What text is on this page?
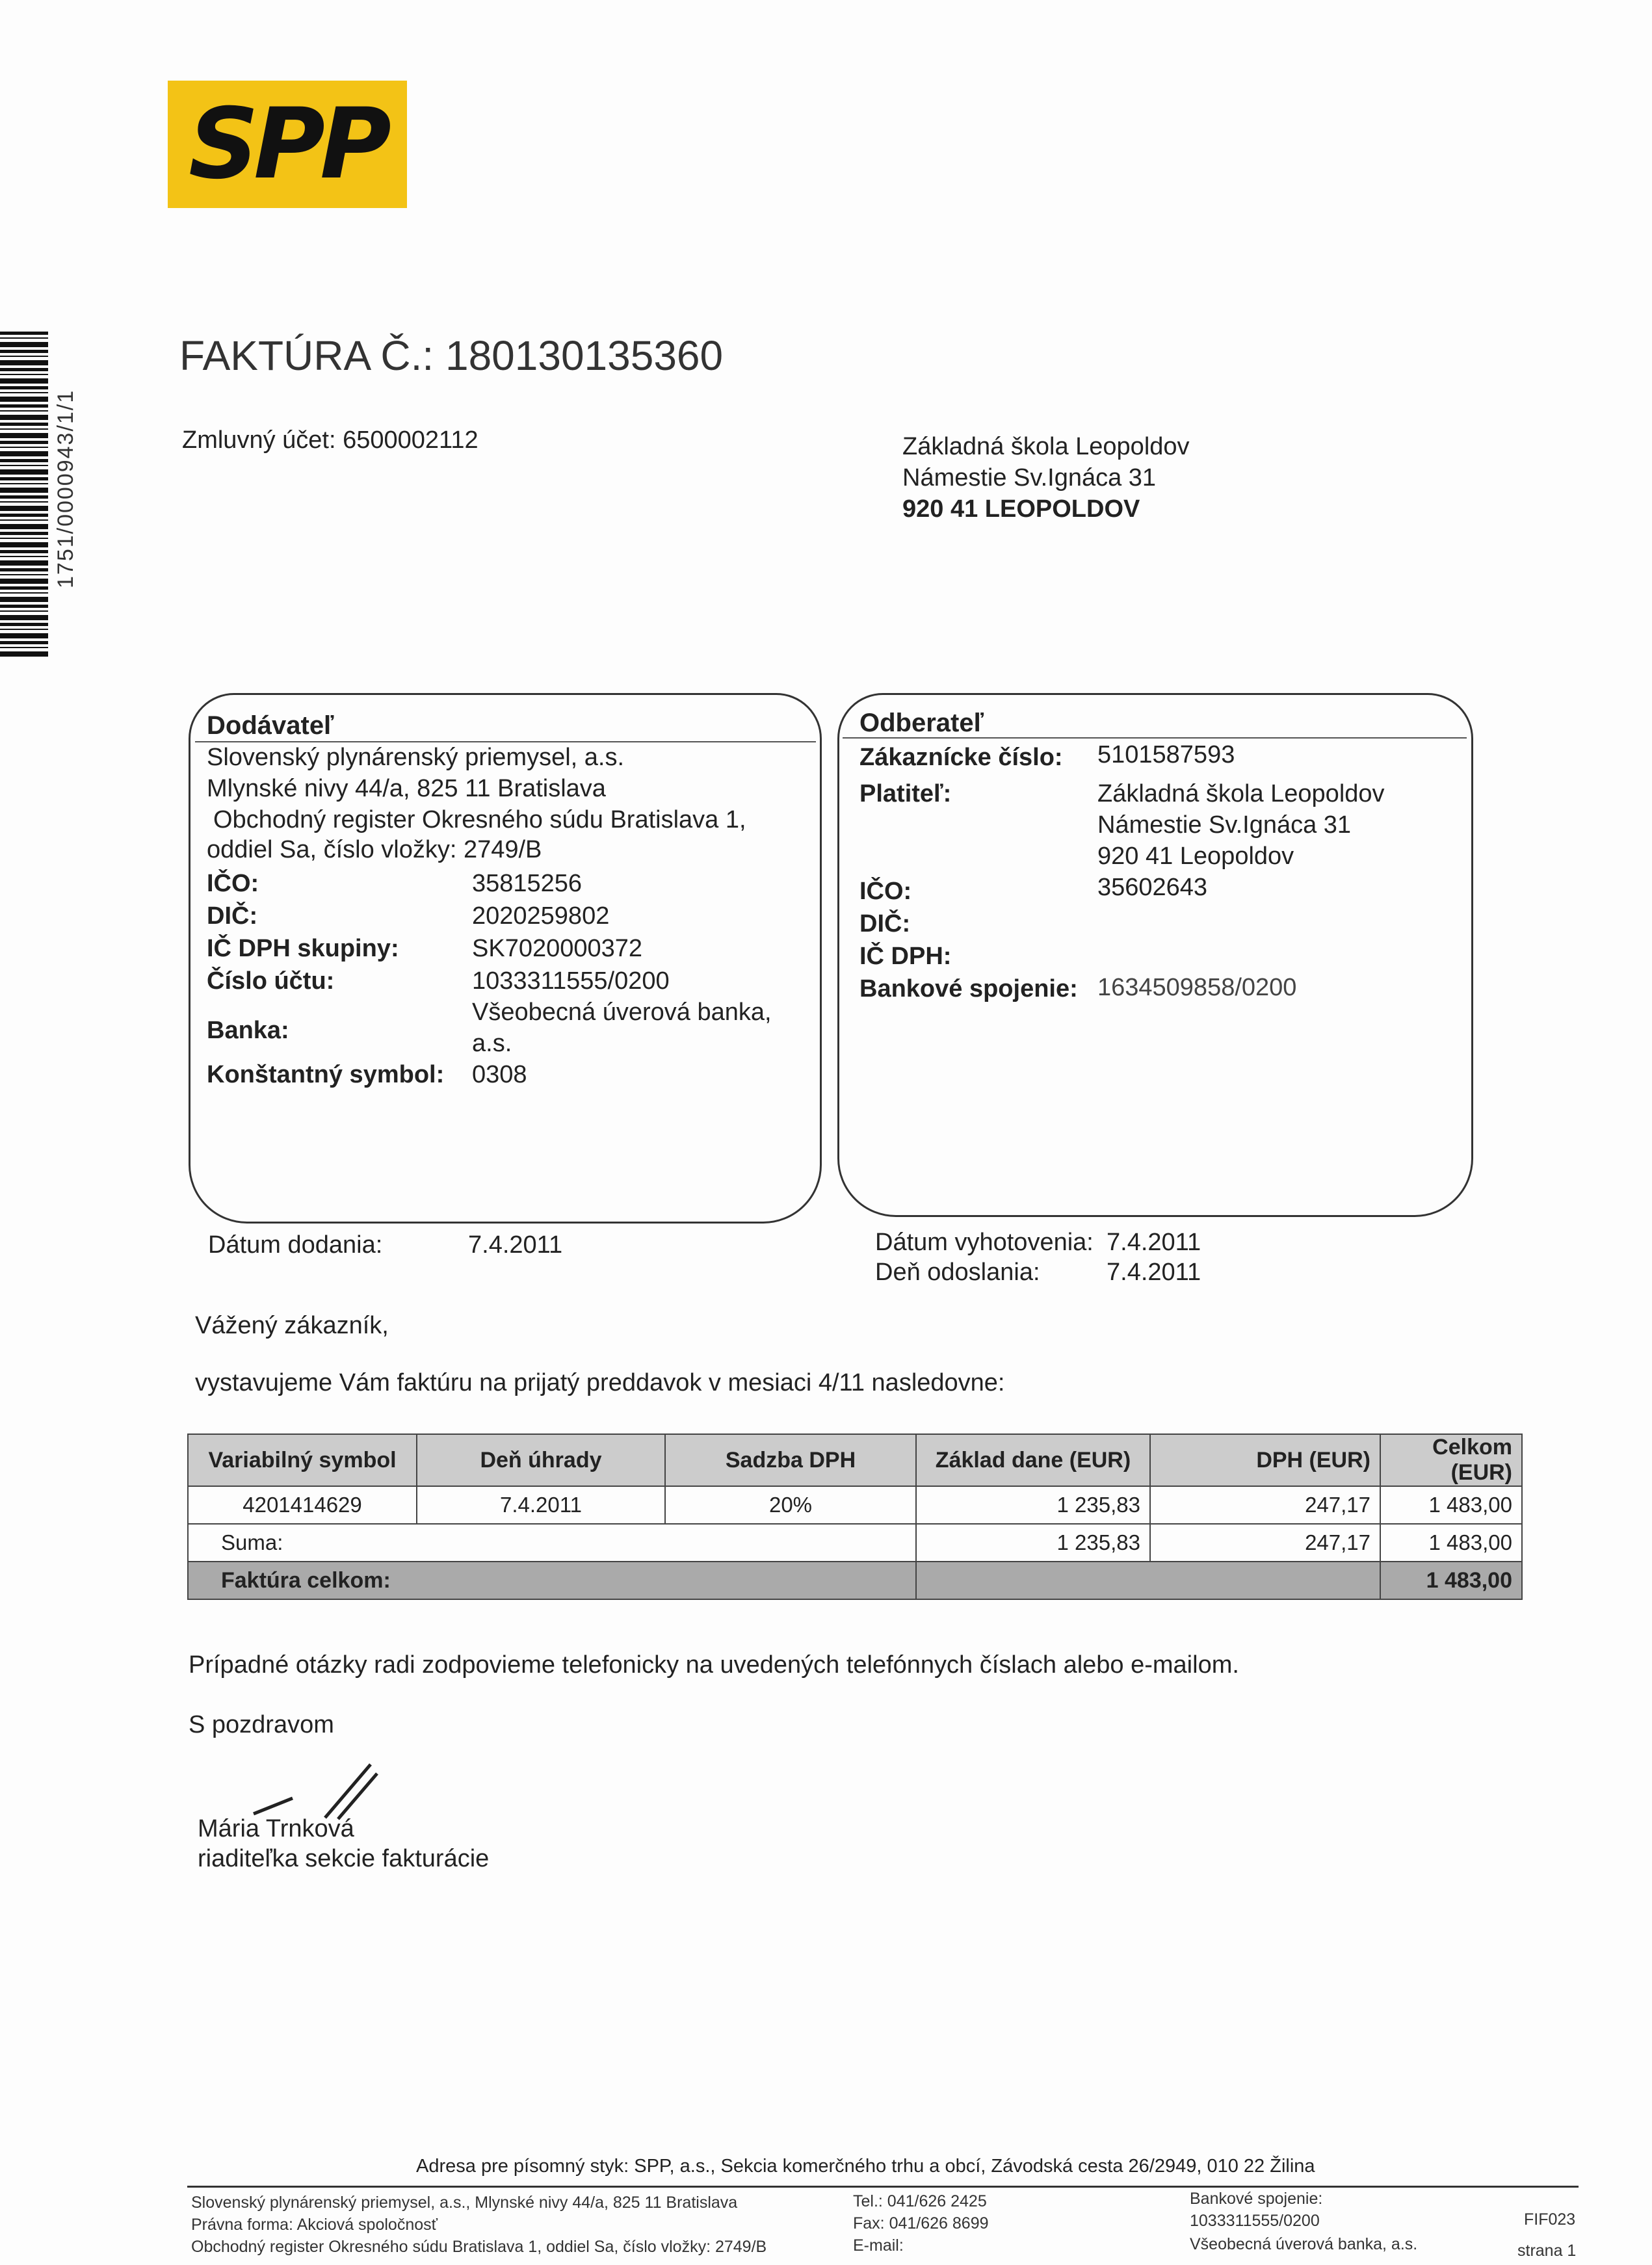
SPP
1751/0000943/1/1
FAKTÚRA Č.: 180130135360
Zmluvný účet: 6500002112	Základná škola Leopoldov
Námestie Sv.Ignáca 31
920 41 LEOPOLDOV
Dodávateľ
Slovenský plynárenský priemysel, a.s.
Mlynské nivy 44/a, 825 11 Bratislava
Obchodný register Okresného súdu Bratislava 1,
oddiel Sa, číslo vložky: 2749/B
IČO:	35815256
DIČ:	2020259802
IČ DPH skupiny:	SK7020000372
Číslo účtu:	1033311555/0200
Banka:
Všeobecná úverová banka,
a.s.
Konštantný symbol: 0308
Odberateľ
Zákaznícke číslo: 5101587593
Platiteľ:	Základná škola Leopoldov
Námestie Sv.Ignáca 31
920 41 Leopoldov
IČO:	35602643
DIČ:
IČ DPH:
Bankové spojenie: 1634509858/0200
Dátum dodania:	7.4.2011	Dátum vyhotovenia: 7.4.2011
Deň odoslania:	7.4.2011
Vážený zákazník,
vystavujeme Vám faktúru na prijatý preddavok v mesiaci 4/11 nasledovne:
Variabilný symbol	Deň úhrady	Sadzba DPH	Základ dane (EUR)	DPH (EUR)	Celkom (EUR)
4201414629	7.4.2011	20%	1 235,83	247,17	1 483,00
Suma:			1 235,83	247,17	1 483,00
Faktúra celkom:					1 483,00
Prípadné otázky radi zodpovieme telefonicky na uvedených telefónnych číslach alebo e-mailom.
S pozdravom
Mária Trnková
riaditeľka sekcie fakturácie
Adresa pre písomný styk: SPP, a.s., Sekcia komerčného trhu a obcí, Závodská cesta 26/2949, 010 22 Žilina
Slovenský plynárenský priemysel, a.s., Mlynské nivy 44/a, 825 11 Bratislava
Právna forma: Akciová spoločnosť
Obchodný register Okresného súdu Bratislava 1, oddiel Sa, číslo vložky: 2749/B
Tel.: 041/626 2425
Fax: 041/626 8699
E-mail:
Bankové spojenie:
1033311555/0200
Všeobecná úverová banka, a.s.
FIF023
strana 1
